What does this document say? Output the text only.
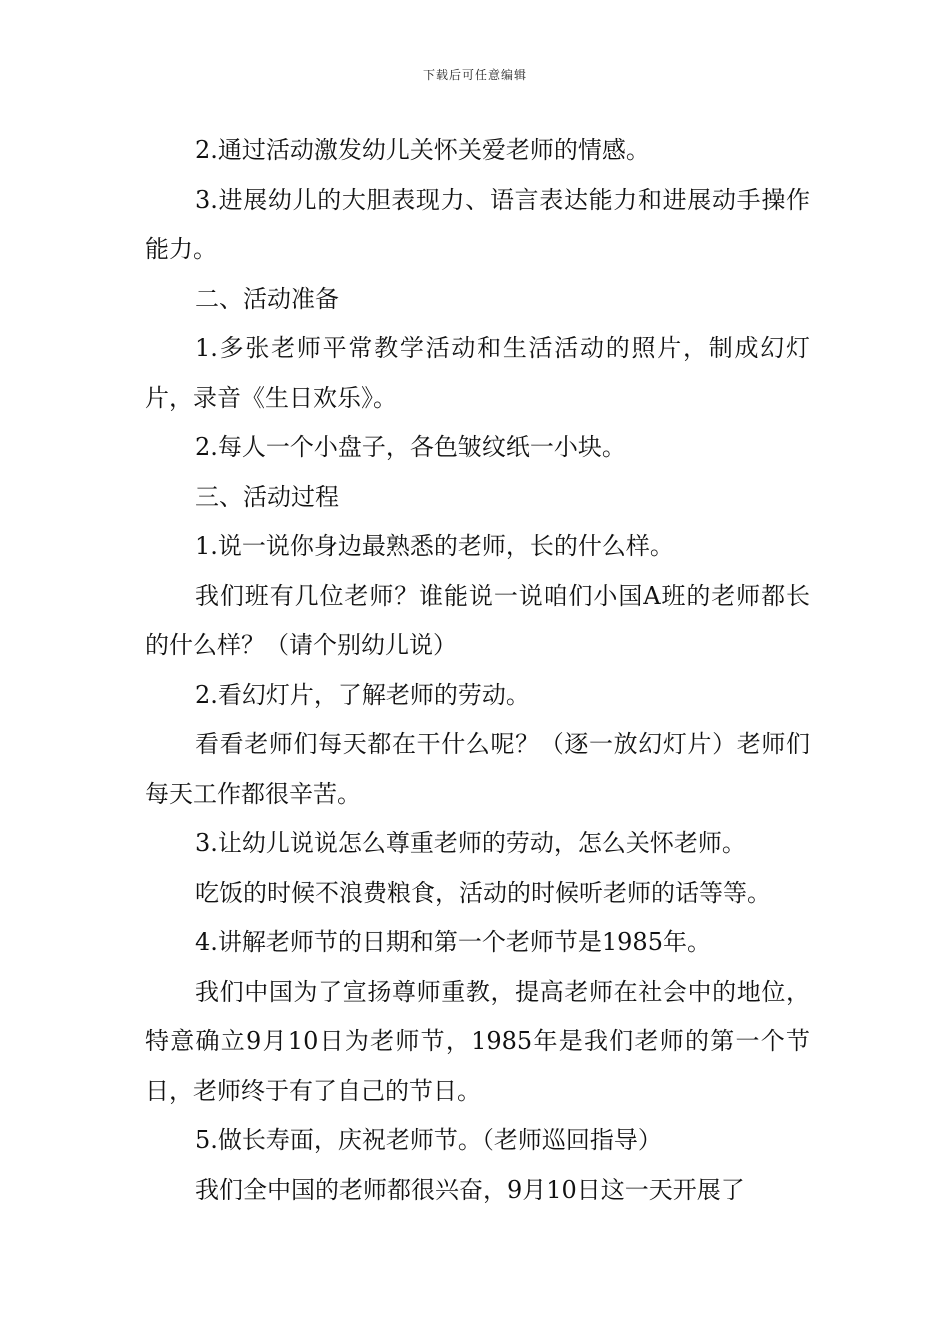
下载后可任意编辑

2.通过活动激发幼儿关怀关爱老师的情感。

3.进展幼儿的大胆表现力、语言表达能力和进展动手操作能力。

二、活动准备

1.多张老师平常教学活动和生活活动的照片，制成幻灯片，录音《生日欢乐》。

2.每人一个小盘子，各色皱纹纸一小块。

三、活动过程

1.说一说你身边最熟悉的老师，长的什么样。

我们班有几位老师？谁能说一说咱们小国A班的老师都长的什么样？（请个别幼儿说）

2.看幻灯片，了解老师的劳动。

看看老师们每天都在干什么呢？（逐一放幻灯片）老师们每天工作都很辛苦。

3.让幼儿说说怎么尊重老师的劳动，怎么关怀老师。

吃饭的时候不浪费粮食，活动的时候听老师的话等等。

4.讲解老师节的日期和第一个老师节是1985年。

我们中国为了宣扬尊师重教，提高老师在社会中的地位，特意确立9月10日为老师节，1985年是我们老师的第一个节日，老师终于有了自己的节日。

5.做长寿面，庆祝老师节。（老师巡回指导）

我们全中国的老师都很兴奋，9月10日这一天开展了
